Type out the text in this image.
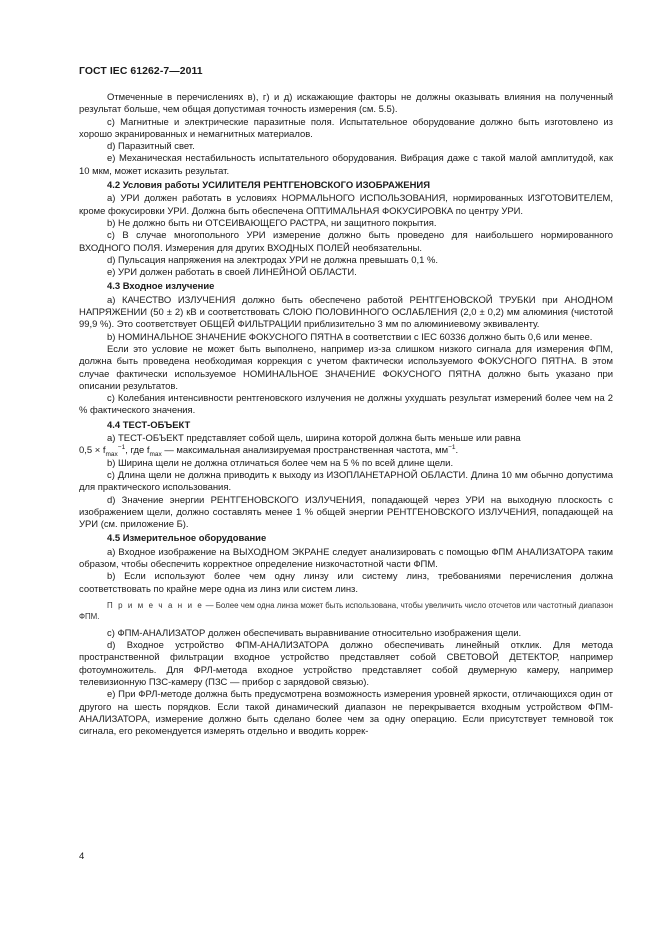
ГОСТ IEC 61262-7—2011

Отмеченные в перечислениях в), г) и д) искажающие факторы не должны оказывать влияния на полученный результат больше, чем общая допустимая точность измерения (см. 5.5).

с) Магнитные и электрические паразитные поля. Испытательное оборудование должно быть изготовлено из хорошо экранированных и немагнитных материалов.

d) Паразитный свет.

e) Механическая нестабильность испытательного оборудования. Вибрация даже с такой малой амплитудой, как 10 мкм, может исказить результат.

4.2 Условия работы УСИЛИТЕЛЯ РЕНТГЕНОВСКОГО ИЗОБРАЖЕНИЯ

а) УРИ должен работать в условиях НОРМАЛЬНОГО ИСПОЛЬЗОВАНИЯ, нормированных ИЗГОТОВИТЕЛЕМ, кроме фокусировки УРИ. Должна быть обеспечена ОПТИМАЛЬНАЯ ФОКУСИРОВКА по центру УРИ.

b) Не должно быть ни ОТСЕИВАЮЩЕГО РАСТРА, ни защитного покрытия.

с) В случае многопольного УРИ измерение должно быть проведено для наибольшего нормированного ВХОДНОГО ПОЛЯ. Измерения для других ВХОДНЫХ ПОЛЕЙ необязательны.

d) Пульсация напряжения на электродах УРИ не должна превышать 0,1 %.

е) УРИ должен работать в своей ЛИНЕЙНОЙ ОБЛАСТИ.

4.3 Входное излучение

а) КАЧЕСТВО ИЗЛУЧЕНИЯ должно быть обеспечено работой РЕНТГЕНОВСКОЙ ТРУБКИ при АНОДНОМ НАПРЯЖЕНИИ (50 ± 2) кВ и соответствовать СЛОЮ ПОЛОВИННОГО ОСЛАБЛЕНИЯ (2,0 ± 0,2) мм алюминия (чистотой 99,9 %). Это соответствует ОБЩЕЙ ФИЛЬТРАЦИИ приблизительно 3 мм по алюминиевому эквиваленту.

b) НОМИНАЛЬНОЕ ЗНАЧЕНИЕ ФОКУСНОГО ПЯТНА в соответствии с IEC 60336 должно быть 0,6 или менее.

Если это условие не может быть выполнено, например из-за слишком низкого сигнала для измерения ФПМ, должна быть проведена необходимая коррекция с учетом фактически используемого ФОКУСНОГО ПЯТНА. В этом случае фактически используемое НОМИНАЛЬНОЕ ЗНАЧЕНИЕ ФОКУСНОГО ПЯТНА должно быть указано при описании результатов.

с) Колебания интенсивности рентгеновского излучения не должны ухудшать результат измерений более чем на 2 % фактического значения.

4.4 ТЕСТ-ОБЪЕКТ

а) ТЕСТ-ОБЪЕКТ представляет собой щель, ширина которой должна быть меньше или равна

$0,5 \times f_{max}^{-1}$, где $f_{max}$ — максимальная анализируемая пространственная частота, $мм^{-1}$.

b) Ширина щели не должна отличаться более чем на 5 % по всей длине щели.

с) Длина щели не должна приводить к выходу из ИЗОПЛАНЕТАРНОЙ ОБЛАСТИ. Длина 10 мм обычно допустима для практического использования.

d) Значение энергии РЕНТГЕНОВСКОГО ИЗЛУЧЕНИЯ, попадающей через УРИ на выходную плоскость с изображением щели, должно составлять менее 1 % общей энергии РЕНТГЕНОВСКОГО ИЗЛУЧЕНИЯ, попадающей на УРИ (см. приложение Б).

4.5 Измерительное оборудование

а) Входное изображение на ВЫХОДНОМ ЭКРАНЕ следует анализировать с помощью ФПМ АНАЛИЗАТОРА таким образом, чтобы обеспечить корректное определение низкочастотной части ФПМ.

b) Если используют более чем одну линзу или систему линз, требованиями перечисления должна соответствовать по крайне мере одна из линз или систем линз.

П р и м е ч а н и е — Более чем одна линза может быть использована, чтобы увеличить число отсчетов или частотный диапазон ФПМ.

с) ФПМ-АНАЛИЗАТОР должен обеспечивать выравнивание относительно изображения щели.

d) Входное устройство ФПМ-АНАЛИЗАТОРА должно обеспечивать линейный отклик. Для метода пространственной фильтрации входное устройство представляет собой СВЕТОВОЙ ДЕТЕКТОР, например фотоумножитель. Для ФРЛ-метода входное устройство представляет собой двумерную камеру, например телевизионную ПЗС-камеру (ПЗС — прибор с зарядовой связью).

е) При ФРЛ-методе должна быть предусмотрена возможность измерения уровней яркости, отличающихся один от другого на шесть порядков. Если такой динамический диапазон не перекрывается входным устройством ФПМ-АНАЛИЗАТОРА, измерение должно быть сделано более чем за одну операцию. Если присутствует темновой ток сигнала, его рекомендуется измерять отдельно и вводить коррек-

4
